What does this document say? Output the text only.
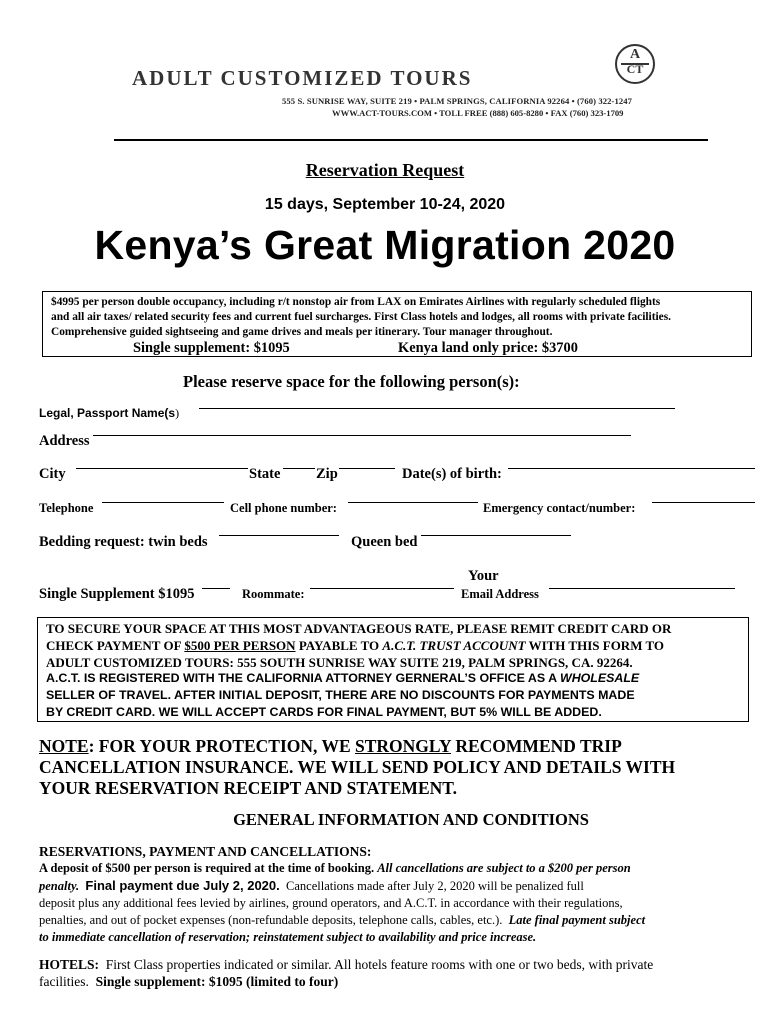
ADULT CUSTOMIZED TOURS
555 S. SUNRISE WAY, SUITE 219 • PALM SPRINGS, CALIFORNIA 92264 • (760) 322-1247
WWW.ACT-TOURS.COM • TOLL FREE (888) 605-8280 • FAX (760) 323-1709
A
CT
Reservation Request
15 days, September 10-24, 2020
Kenya’s Great Migration 2020
$4995 per person double occupancy, including r/t nonstop air from LAX on Emirates Airlines with regularly scheduled flights
and all air taxes/ related security fees and current fuel surcharges. First Class hotels and lodges, all rooms with private facilities.
Comprehensive guided sightseeing and game drives and meals per itinerary. Tour manager throughout.
Single supplement: $1095	Kenya land only price: $3700
Please reserve space for the following person(s):
Legal, Passport Name(s)
Address
City	State Zip	Date(s) of birth:
Telephone	Cell phone number:	Emergency contact/number:
Bedding request: twin beds	Queen bed
Your
Single Supplement $1095	Roommate:	Email Address
TO SECURE YOUR SPACE AT THIS MOST ADVANTAGEOUS RATE, PLEASE REMIT CREDIT CARD OR
CHECK PAYMENT OF $500 PER PERSON PAYABLE TO A.C.T. TRUST ACCOUNT WITH THIS FORM TO
ADULT CUSTOMIZED TOURS: 555 SOUTH SUNRISE WAY SUITE 219, PALM SPRINGS, CA. 92264.
A.C.T. IS REGISTERED WITH THE CALIFORNIA ATTORNEY GERNERAL’S OFFICE AS A WHOLESALE
SELLER OF TRAVEL. AFTER INITIAL DEPOSIT, THERE ARE NO DISCOUNTS FOR PAYMENTS MADE
BY CREDIT CARD. WE WILL ACCEPT CARDS FOR FINAL PAYMENT, BUT 5% WILL BE ADDED.
NOTE: FOR YOUR PROTECTION, WE STRONGLY RECOMMEND TRIP
CANCELLATION INSURANCE. WE WILL SEND POLICY AND DETAILS WITH
YOUR RESERVATION RECEIPT AND STATEMENT.
GENERAL INFORMATION AND CONDITIONS
RESERVATIONS, PAYMENT AND CANCELLATIONS:
A deposit of $500 per person is required at the time of booking. All cancellations are subject to a $200 per person
penalty. Final payment due July 2, 2020. Cancellations made after July 2, 2020 will be penalized full
deposit plus any additional fees levied by airlines, ground operators, and A.C.T. in accordance with their regulations,
penalties, and out of pocket expenses (non-refundable deposits, telephone calls, cables, etc.). Late final payment subject
to immediate cancellation of reservation; reinstatement subject to availability and price increase.
HOTELS: First Class properties indicated or similar. All hotels feature rooms with one or two beds, with private
facilities. Single supplement: $1095 (limited to four)
